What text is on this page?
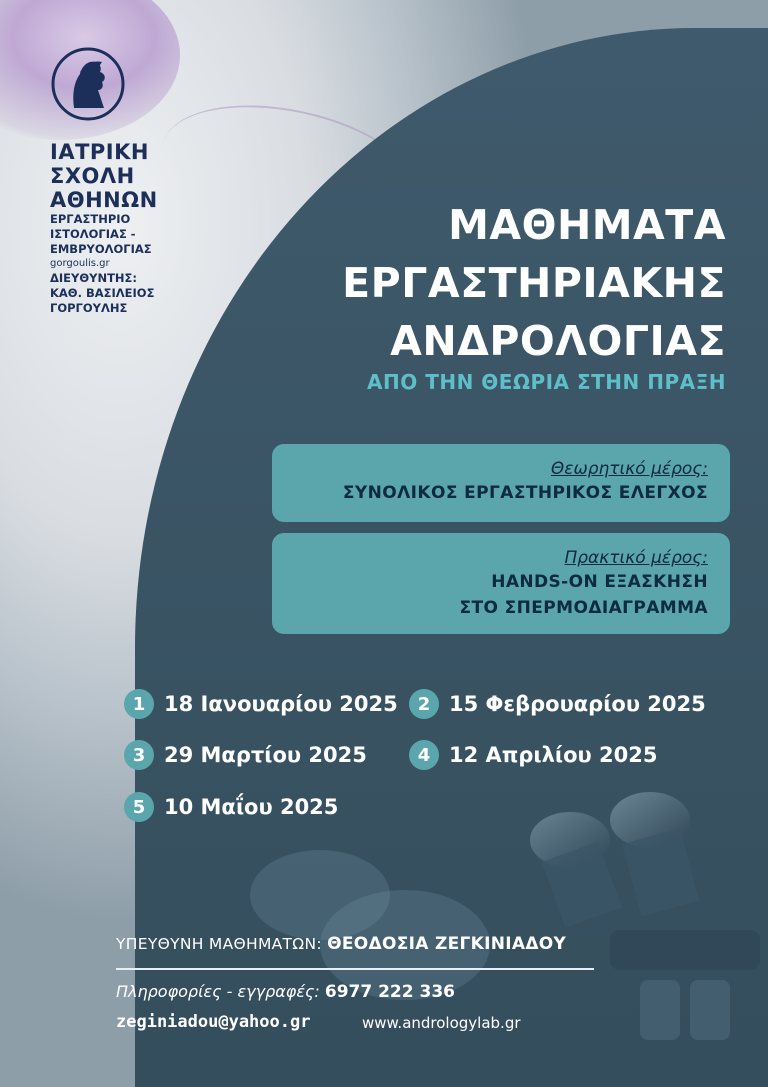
ΙΑΤΡΙΚΗ
ΣΧΟΛΗ
ΑΘΗΝΩΝ
ΕΡΓΑΣΤΗΡΙΟ
ΙΣΤΟΛΟΓΙΑΣ -
ΕΜΒΡΥΟΛΟΓΙΑΣ
gorgoulis.gr
ΔΙΕΥΘΥΝΤΗΣ:
ΚΑΘ. ΒΑΣΙΛΕΙΟΣ
ΓΟΡΓΟΥΛΗΣ
ΜΑΘΗΜΑΤΑ
ΕΡΓΑΣΤΗΡΙΑΚΗΣ
ΑΝΔΡΟΛΟΓΙΑΣ
ΑΠΟ ΤΗΝ ΘΕΩΡΙΑ ΣΤΗΝ ΠΡΑΞΗ
Θεωρητικό μέρος:
ΣΥΝΟΛΙΚΟΣ ΕΡΓΑΣΤΗΡΙΚΟΣ ΕΛΕΓΧΟΣ
Πρακτικό μέρος:
HANDS-ON ΕΞΑΣΚΗΣΗ
ΣΤΟ ΣΠΕΡΜΟΔΙΑΓΡΑΜΜΑ
1 18 Ιανουαρίου 2025	2 15 Φεβρουαρίου 2025
3 29 Μαρτίου 2025	4 12 Απριλίου 2025
5 10 Μαΐου 2025
ΥΠΕΥΘΥΝΗ ΜΑΘΗΜΑΤΩΝ: ΘΕΟΔΟΣΙΑ ΖΕΓΚΙΝΙΑΔΟΥ
Πληροφορίες - εγγραφές: 6977 222 336
zeginiadou@yahoo.gr	www.andrologylab.gr
